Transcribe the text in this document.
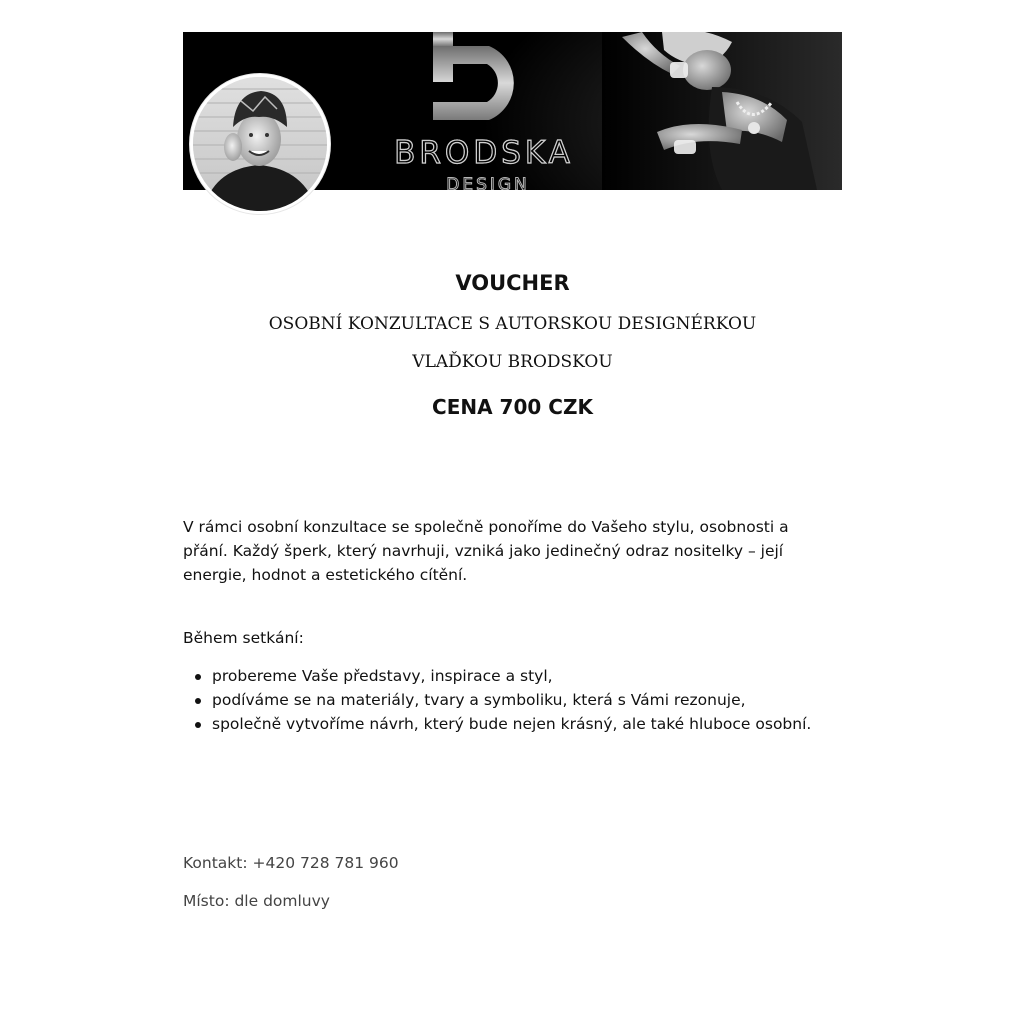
BRODSKA
DESIGN
VOUCHER

OSOBNÍ KONZULTACE S AUTORSKOU DESIGNÉRKOU

VLAĎKOU BRODSKOU

CENA 700 CZK

V rámci osobní konzultace se společně ponoříme do Vašeho stylu, osobnosti a přání. Každý šperk, který navrhuji, vzniká jako jedinečný odraz nositelky – její energie, hodnot a estetického cítění.

Během setkání:

probereme Vaše představy, inspirace a styl,
podíváme se na materiály, tvary a symboliku, která s Vámi rezonuje,
společně vytvoříme návrh, který bude nejen krásný, ale také hluboce osobní.

Kontakt: +420 728 781 960

Místo: dle domluvy
